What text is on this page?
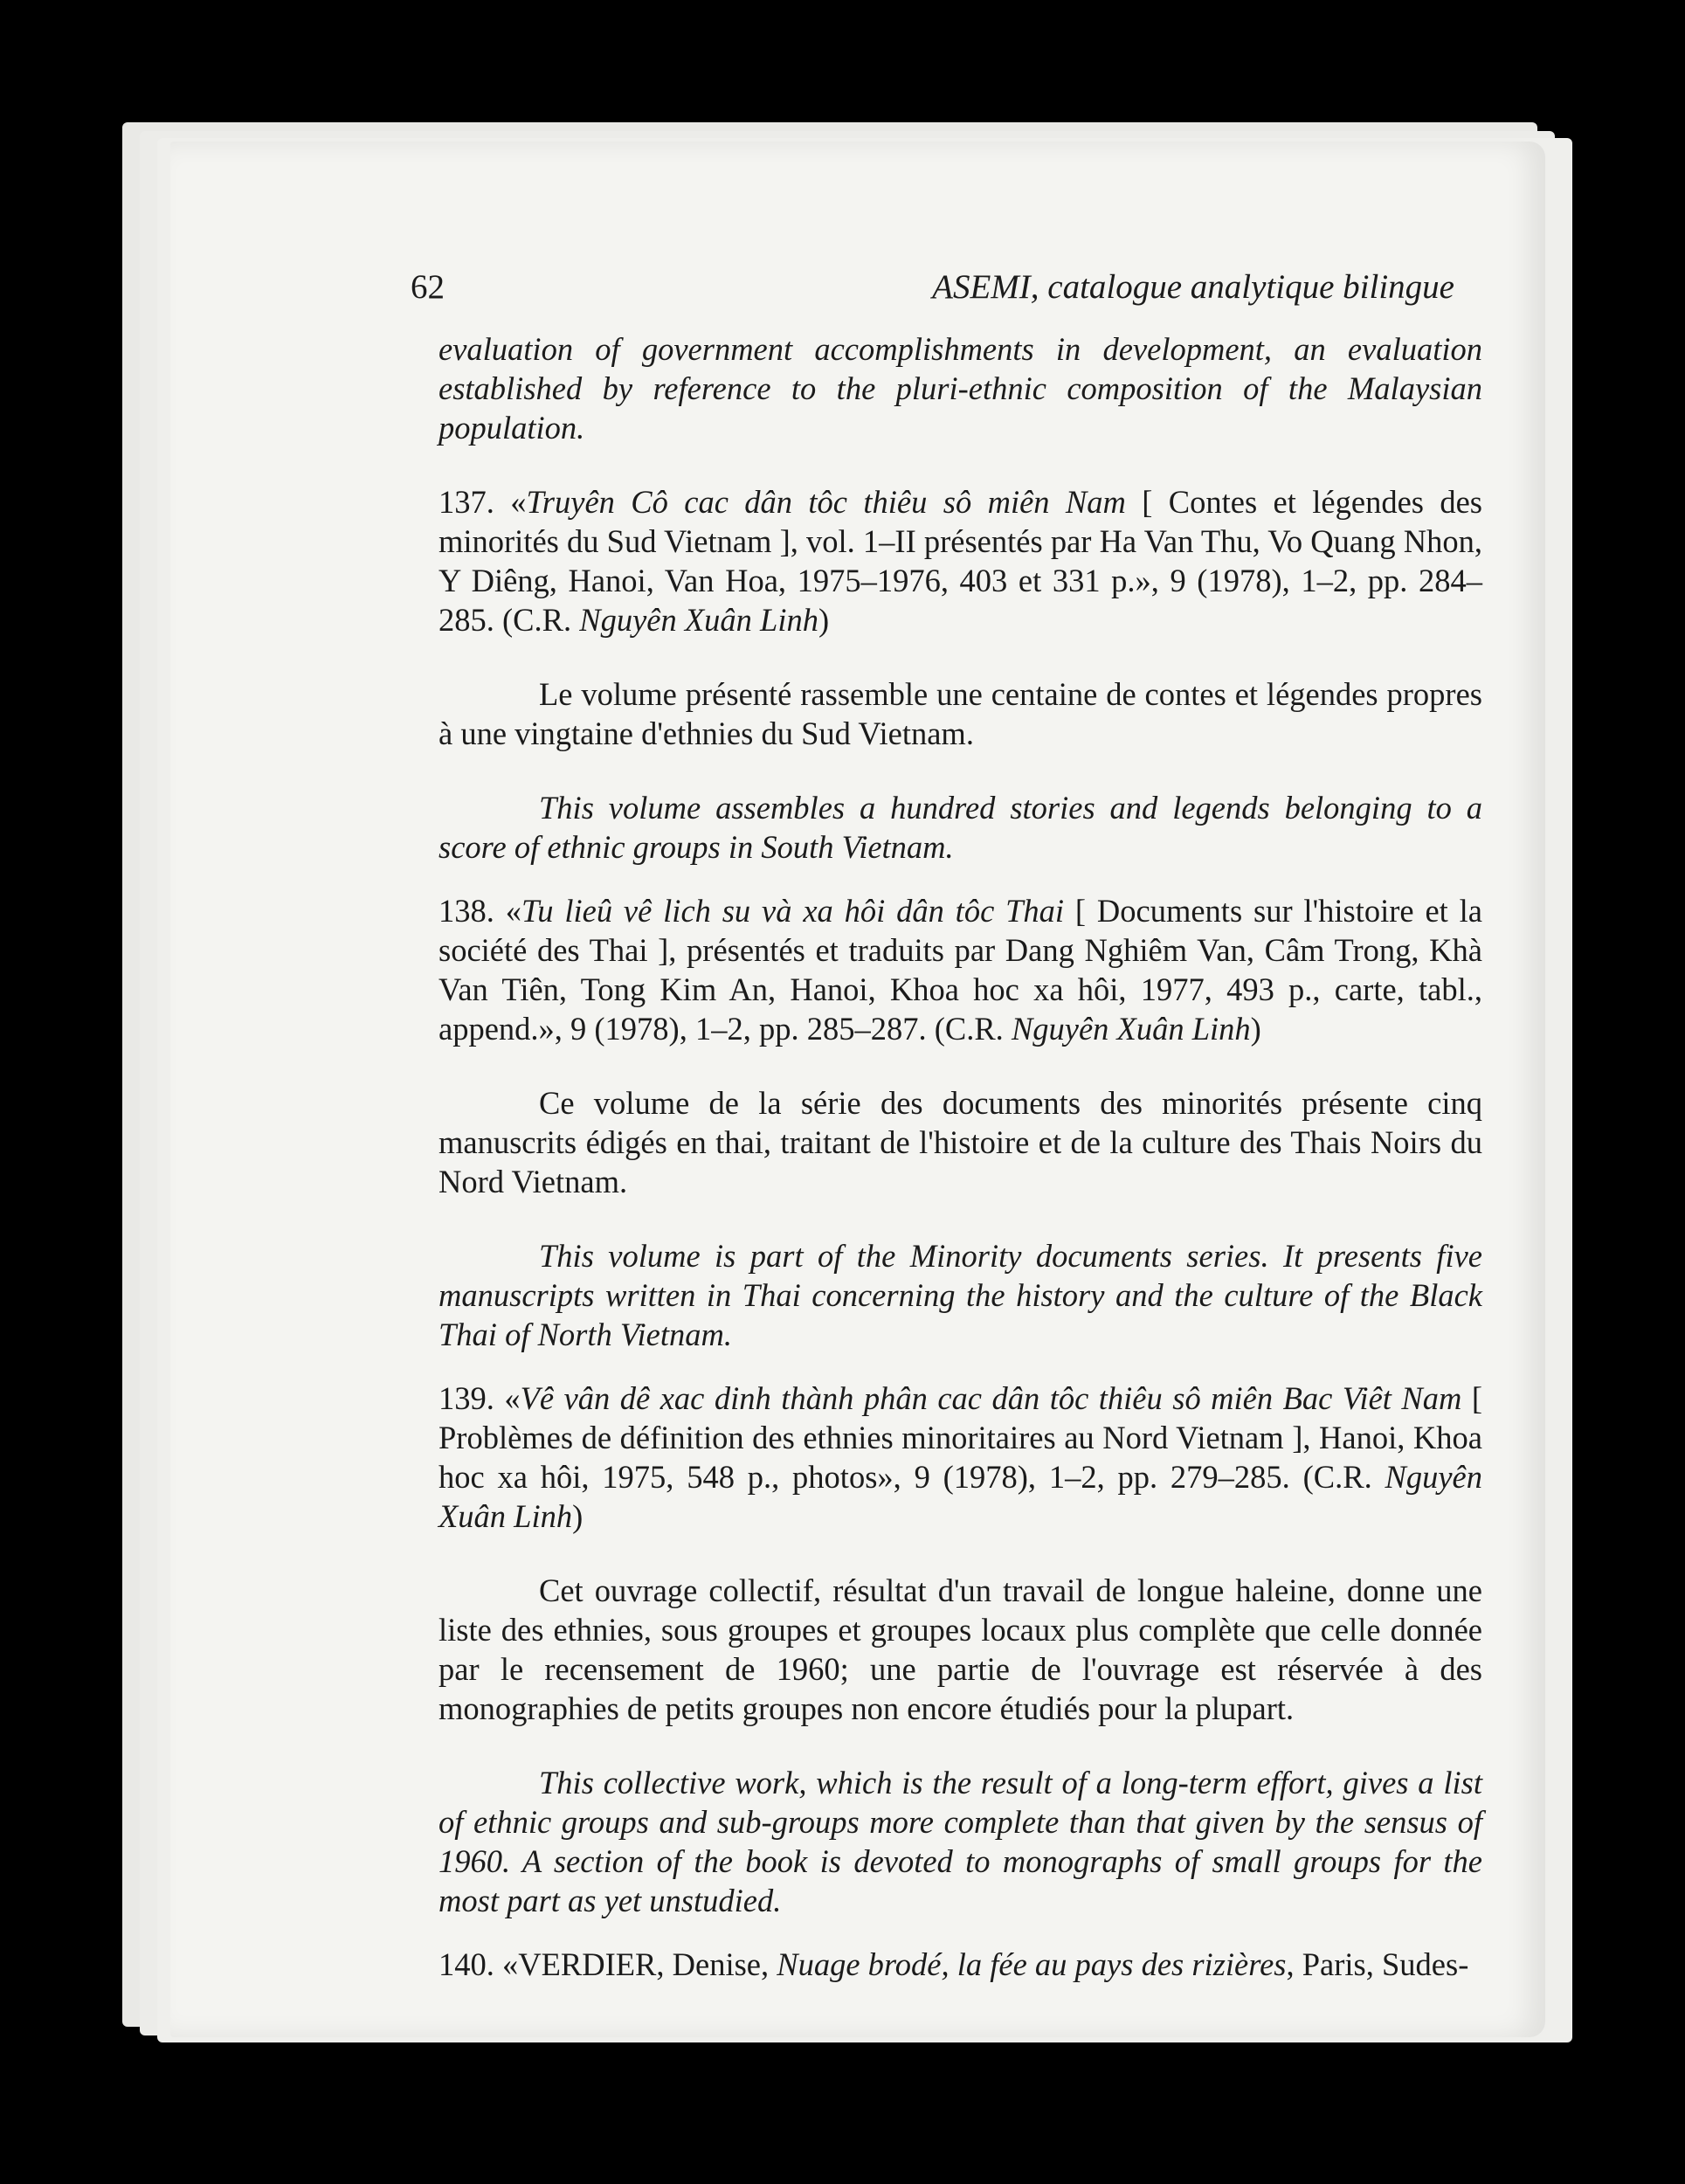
62	ASEMI, catalogue analytique bilingue

evaluation of government accomplishments in development, an evaluation established by reference to the pluri-ethnic composition of the Malaysian population.

137. «Truyên Cô cac dân tôc thiêu sô miên Nam [ Contes et légendes des minorités du Sud Vietnam ], vol. 1–II présentés par Ha Van Thu, Vo Quang Nhon, Y Diêng, Hanoi, Van Hoa, 1975–1976, 403 et 331 p.», 9 (1978), 1–2, pp. 284–285. (C.R. Nguyên Xuân Linh)

Le volume présenté rassemble une centaine de contes et légendes propres à une vingtaine d'ethnies du Sud Vietnam.

This volume assembles a hundred stories and legends belonging to a score of ethnic groups in South Vietnam.

138. «Tu lieû vê lich su và xa hôi dân tôc Thai [ Documents sur l'histoire et la société des Thai ], présentés et traduits par Dang Nghiêm Van, Câm Trong, Khà Van Tiên, Tong Kim An, Hanoi, Khoa hoc xa hôi, 1977, 493 p., carte, tabl., append.», 9 (1978), 1–2, pp. 285–287. (C.R. Nguyên Xuân Linh)

Ce volume de la série des documents des minorités présente cinq manuscrits édigés en thai, traitant de l'histoire et de la culture des Thais Noirs du Nord Vietnam.

This volume is part of the Minority documents series. It presents five manuscripts written in Thai concerning the history and the culture of the Black Thai of North Vietnam.

139. «Vê vân dê xac dinh thành phân cac dân tôc thiêu sô miên Bac Viêt Nam [ Problèmes de définition des ethnies minoritaires au Nord Vietnam ], Hanoi, Khoa hoc xa hôi, 1975, 548 p., photos», 9 (1978), 1–2, pp. 279–285. (C.R. Nguyên Xuân Linh)

Cet ouvrage collectif, résultat d'un travail de longue haleine, donne une liste des ethnies, sous groupes et groupes locaux plus complète que celle donnée par le recensement de 1960; une partie de l'ouvrage est réservée à des monographies de petits groupes non encore étudiés pour la plupart.

This collective work, which is the result of a long-term effort, gives a list of ethnic groups and sub-groups more complete than that given by the sensus of 1960. A section of the book is devoted to monographs of small groups for the most part as yet unstudied.

140. «VERDIER, Denise, Nuage brodé, la fée au pays des rizières, Paris, Sudes-
